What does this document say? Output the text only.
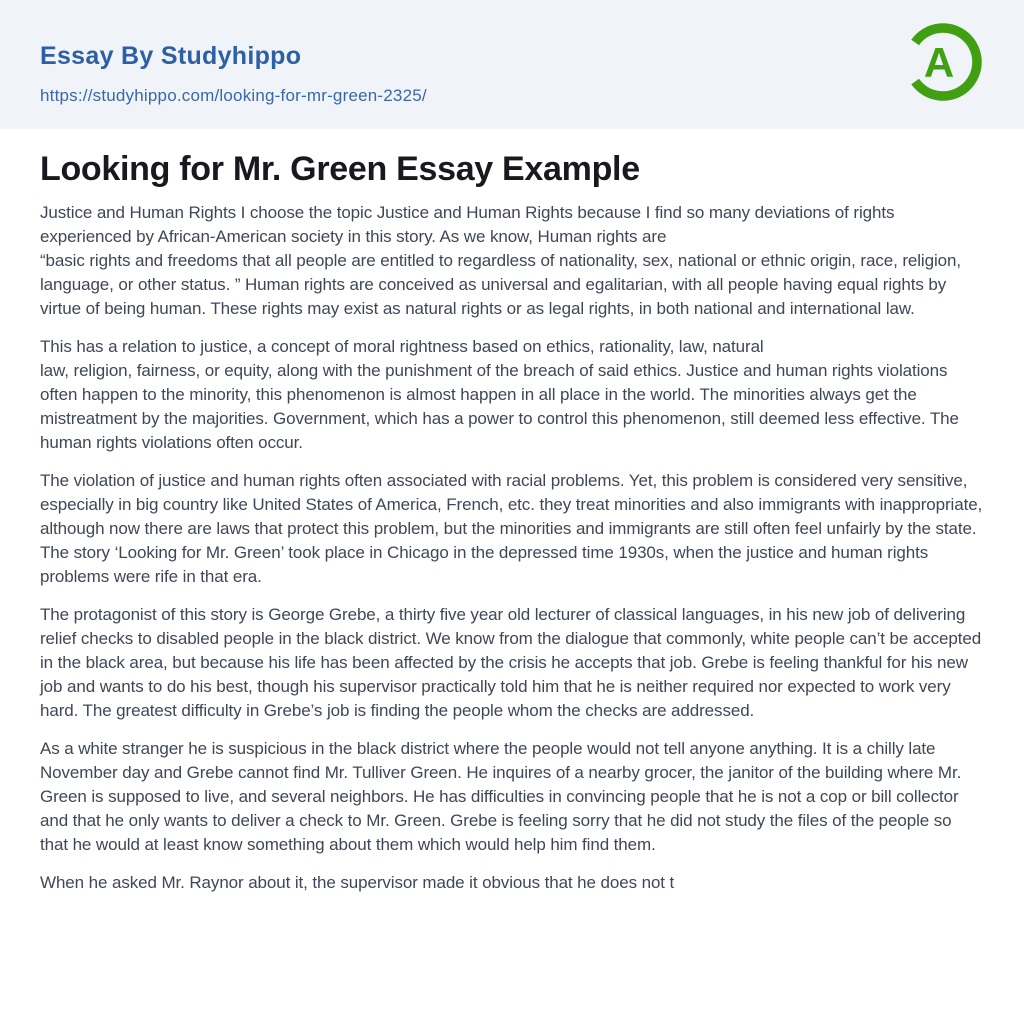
Essay By Studyhippo
https://studyhippo.com/looking-for-mr-green-2325/
A
Looking for Mr. Green Essay Example

Justice and Human Rights I choose the topic Justice and Human Rights because I find so many deviations of rights experienced by African-American society in this story. As we know, Human rights are
“basic rights and freedoms that all people are entitled to regardless of nationality, sex, national or ethnic origin, race, religion, language, or other status. ” Human rights are conceived as universal and egalitarian, with all people having equal rights by virtue of being human. These rights may exist as natural rights or as legal rights, in both national and international law.

This has a relation to justice, a concept of moral rightness based on ethics, rationality, law, natural
law, religion, fairness, or equity, along with the punishment of the breach of said ethics. Justice and human rights violations often happen to the minority, this phenomenon is almost happen in all place in the world. The minorities always get the mistreatment by the majorities. Government, which has a power to control this phenomenon, still deemed less effective. The human rights violations often occur.

The violation of justice and human rights often associated with racial problems. Yet, this problem is considered very sensitive, especially in big country like United States of America, French, etc. they treat minorities and also immigrants with inappropriate, although now there are laws that protect this problem, but the minorities and immigrants are still often feel unfairly by the state. The story ‘Looking for Mr. Green’ took place in Chicago in the depressed time 1930s, when the justice and human rights problems were rife in that era.

The protagonist of this story is George Grebe, a thirty five year old lecturer of classical languages, in his new job of delivering relief checks to disabled people in the black district. We know from the dialogue that commonly, white people can’t be accepted in the black area, but because his life has been affected by the crisis he accepts that job. Grebe is feeling thankful for his new job and wants to do his best, though his supervisor practically told him that he is neither required nor expected to work very hard. The greatest difficulty in Grebe’s job is finding the people whom the checks are addressed.

As a white stranger he is suspicious in the black district where the people would not tell anyone anything. It is a chilly late November day and Grebe cannot find Mr. Tulliver Green. He inquires of a nearby grocer, the janitor of the building where Mr. Green is supposed to live, and several neighbors. He has difficulties in convincing people that he is not a cop or bill collector and that he only wants to deliver a check to Mr. Green. Grebe is feeling sorry that he did not study the files of the people so that he would at least know something about them which would help him find them.

When he asked Mr. Raynor about it, the supervisor made it obvious that he does not t
